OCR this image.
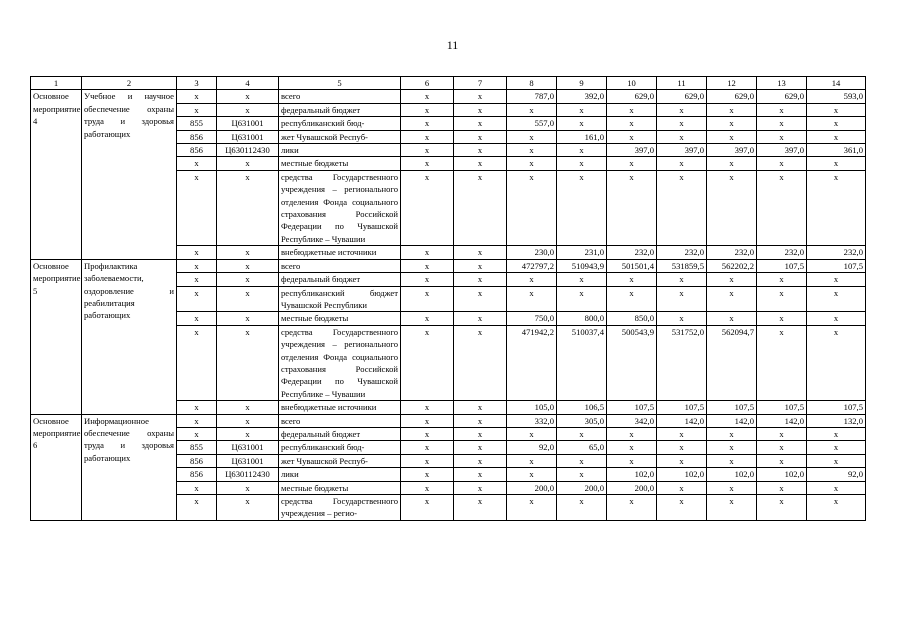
11
1	2	3	4	5	6	7	8	9	10	11	12	13	14
Основное мероприятие 4	Учебное и научное обеспечение охраны труда и здоровья работающих	x	x	всего	x	x	787,0	392,0	629,0	629,0	629,0	629,0	593,0
		x	x	федеральный бюджет	x	x	x	x	x	x	x	x	x
		855	Ц631001	республиканский бюд-	x	x	557,0	x	x	x	x	x	x
		856	Ц631001	жет Чувашской Респуб-	x	x	x	161,0	x	x	x	x	x
		856	Ц630112430	лики	x	x	x	x	397,0	397,0	397,0	397,0	361,0
		x	x	местные бюджеты	x	x	x	x	x	x	x	x	x
		x	x	средства Государственного учреждения – регионального отделения Фонда социального страхования Российской Федерации по Чувашской Республике – Чувашии	x	x	x	x	x	x	x	x	x
		x	x	внебюджетные источники	x	x	230,0	231,0	232,0	232,0	232,0	232,0	232,0
Основное мероприятие 5	Профилактика заболеваемости, оздоровление и реабилитация работающих	x	x	всего	x	x	472797,2	510943,9	501501,4	531859,5	562202,2	107,5	107,5
		x	x	федеральный бюджет	x	x	x	x	x	x	x	x	x
		x	x	республиканский бюджет Чувашской Республики	x	x	x	x	x	x	x	x	x
		x	x	местные бюджеты	x	x	750,0	800,0	850,0	x	x	x	x
		x	x	средства Государственного учреждения – регионального отделения Фонда социального страхования Российской Федерации по Чувашской Республике – Чувашии	x	x	471942,2	510037,4	500543,9	531752,0	562094,7	x	x
		x	x	внебюджетные источники	x	x	105,0	106,5	107,5	107,5	107,5	107,5	107,5
Основное мероприятие 6	Информационное обеспечение охраны труда и здоровья работающих	x	x	всего	x	x	332,0	305,0	342,0	142,0	142,0	142,0	132,0
		x	x	федеральный бюджет	x	x	x	x	x	x	x	x	x
		855	Ц631001	республиканский бюд-	x	x	92,0	65,0	x	x	x	x	x
		856	Ц631001	жет Чувашской Респуб-	x	x	x	x	x	x	x	x	x
		856	Ц630112430	лики	x	x	x	x	102,0	102,0	102,0	102,0	92,0
		x	x	местные бюджеты	x	x	200,0	200,0	200,0	x	x	x	x
		x	x	средства Государственного учреждения – регио-	x	x	x	x	x	x	x	x	x
